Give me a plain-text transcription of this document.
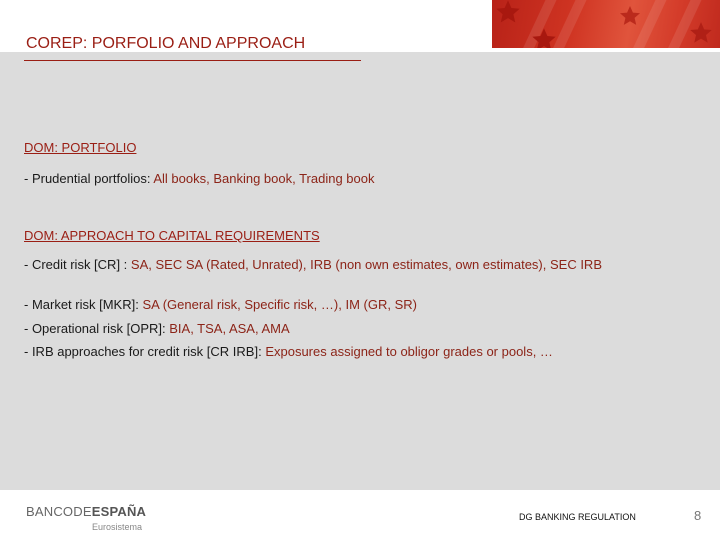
COREP: PORFOLIO AND APPROACH
DOM: PORTFOLIO
- Prudential portfolios: All books, Banking book, Trading book
DOM: APPROACH TO CAPITAL REQUIREMENTS
- Credit risk [CR] : SA, SEC SA (Rated, Unrated), IRB (non own estimates, own estimates), SEC IRB
- Market risk [MKR]: SA (General risk, Specific risk, …), IM (GR, SR)
- Operational risk [OPR]: BIA, TSA, ASA, AMA
- IRB approaches for credit risk [CR IRB]: Exposures assigned to obligor grades or pools, …
BANCODEESPAÑA
Eurosistema
DG BANKING REGULATION	8
